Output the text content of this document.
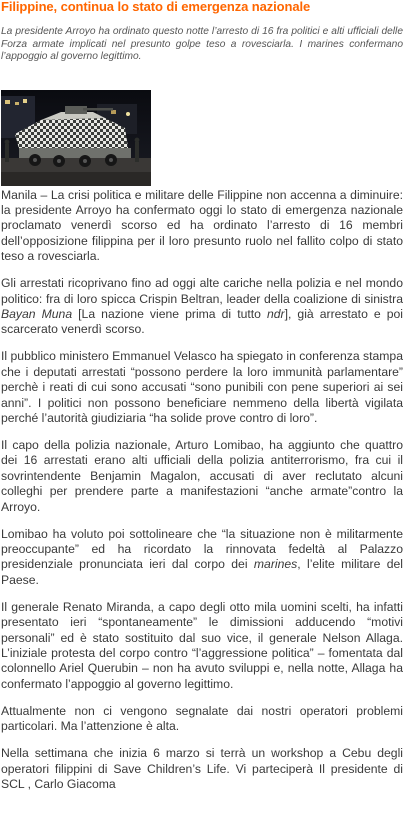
Filippine, continua lo stato di emergenza nazionale

La presidente Arroyo ha ordinato questo notte l’arresto di 16 fra politici e alti ufficiali delle Forza armate implicati nel presunto golpe teso a rovesciarla. I marines confermano l’appoggio al governo legittimo.

Manila – La crisi politica e militare delle Filippine non accenna a diminuire: la presidente Arroyo ha confermato oggi lo stato di emergenza nazionale proclamato venerdì scorso ed ha ordinato l’arresto di 16 membri dell’opposizione filippina per il loro presunto ruolo nel fallito colpo di stato teso a rovesciarla.

Gli arrestati ricoprivano fino ad oggi alte cariche nella polizia e nel mondo politico: fra di loro spicca Crispin Beltran, leader della coalizione di sinistra Bayan Muna [La nazione viene prima di tutto ndr], già arrestato e poi scarcerato venerdì scorso.

Il pubblico ministero Emmanuel Velasco ha spiegato in conferenza stampa che i deputati arrestati “possono perdere la loro immunità parlamentare” perchè i reati di cui sono accusati “sono punibili con pene superiori ai sei anni”. I politici non possono beneficiare nemmeno della libertà vigilata perché l’autorità giudiziaria “ha solide prove contro di loro”.

Il capo della polizia nazionale, Arturo Lomibao, ha aggiunto che quattro dei 16 arrestati erano alti ufficiali della polizia antiterrorismo, fra cui il sovrintendente Benjamin Magalon, accusati di aver reclutato alcuni colleghi per prendere parte a manifestazioni “anche armate”contro la Arroyo.

Lomibao ha voluto poi sottolineare che “la situazione non è militarmente preoccupante” ed ha ricordato la rinnovata fedeltà al Palazzo presidenziale pronunciata ieri dal corpo dei marines, l’elite militare del Paese.

Il generale Renato Miranda, a capo degli otto mila uomini scelti, ha infatti presentato ieri “spontaneamente” le dimissioni adducendo “motivi personali” ed è stato sostituito dal suo vice, il generale Nelson Allaga. L’iniziale protesta del corpo contro “l’aggressione politica” – fomentata dal colonnello Ariel Querubin – non ha avuto sviluppi e, nella notte, Allaga ha confermato l’appoggio al governo legittimo.

Attualmente non ci vengono segnalate dai nostri operatori problemi particolari. Ma l’attenzione è alta.

Nella settimana che inizia 6 marzo si terrà un workshop a Cebu degli operatori filippini di Save Children’s Life. Vi parteciperà Il presidente di SCL , Carlo Giacoma
